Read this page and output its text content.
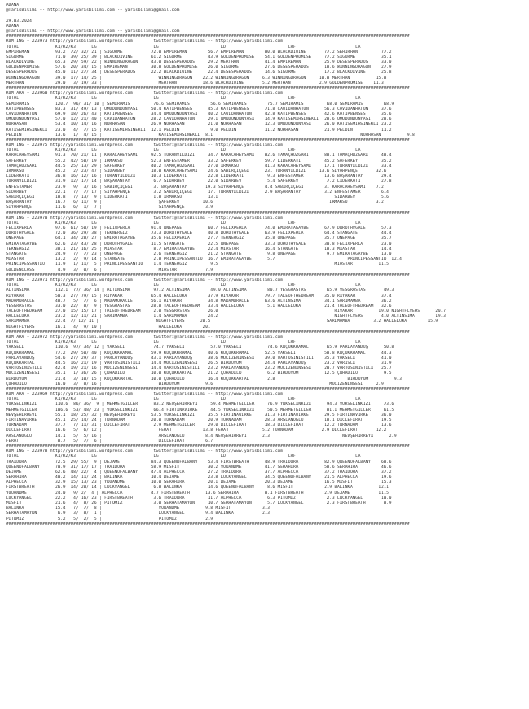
ADANA
@TarisBilimi -- http://www.yarisbilimi.com -- yarisbilimi@gmail.com
29.03.2024
ADANA
@TarisBilimi -- http://www.yarisbilimi.com -- yarisbilimi@gmail.com
############################################################################################################################################################
KUM ING - 223973 http://yarisbilimi.wordpress.com        twitter:@TarisBilimi -- http://www.yarisbilimi.com
TOTAL              K1/K2/K3      LG                      LG                        LD                        LRF                       LA
EMPIREMAN          93.2  72/ 32/ 21 | SIGURME           72.0 EMPIREMAN        56.7 EMPIREMAN        80.0 BLACKDIVINE       77.2 SEHIRHAN         77.2
SIGURME            71.0  39/ 25/ 39 | BLACKDIVINE       61.2 SIGURME          43.9 GOLDENPROMISE    54.1 GOLDENPROMISE     77.2 SIGURME          35.1
BLACKDIVINE        65.3  29/ 59/ 22 | WINNINGDRAGON     43.0 DESESPERADOS     29.2 MERTHAN          41.4 EMPIREMAN         25.9 DESESPERADOS     33.0
GOLDENPROMISE      57.6  20/ 34/ 15 | EMPIREMAN         30.8 GOLDENPROMISE    26.0 SIGURME          27.6 DESESPERADOS      18.6 WINNINGDRAGON    27.9
DESESPERADOS       45.0  11/ 27/ 34 | DESESPERADOS      22.2 BLACKDIVINE      22.4 DESESPERADOS     14.6 SIGURME           17.2 BLACKDIVINE      25.8
WINNINGDRAGON      39.0  17/ 14/ 25 |                      WINNINGDRAGON    22.2 WINNINGDRAGON     6.3 WINNINGDRAGON     10.8 MERTHAN          15.8
MERTHAN            29.0   3/ 19/ 33 |                      MERTHAN          18.6 BLACKDIVINE       5.2 MERTHAN           2.9 GOLDENPROMISE    11.3
############################################################################################################################################################
KUM ARA - 223960 http://yarisbilimi.wordpress.com        twitter:@TarisBilimi -- http://www.yarisbilimi.com
TOTAL              K1/K2/K3      LG                      LG                        LD                        LRF                       LA
SEMIRAMIS          120.7  96/ 31/ 10 | SEMIRAMIS         76.6 SEMIRAMIS        56.6 SEMIRAMIS        75.7 SEMIRAMIS         68.0 SEMIRAMIS        68.9
KATIPBENSES        83.3  31/ 49/ 13 | UMUDUNDUNYASI     50.4 KATIPBENSES      45.3 KATIPBENSES      71.8 CAVIDANHATUN      56.3 CAVIDANHATUN     37.6
CAVIDANHATUN       69.9  18/ 26/ 43 | KATIPBENSES       34.4 UMUDUNDUNYASI    40.2 CAVIDANHATUN     42.8 KATIPBENSES       42.6 KATIPBENSES      35.6
UMUDUNDUNYASI      57.0  12/ 21/ 40 | CAVIDANHATUN      28.2 CAVIDANHATUN     29.1 UMUDUNDUNYASI    14.9 KATISEMIHSINEKLI  28.6 UMUDUNDUNYASI    28.6
NURHASAN           53.4  10/ 14/ 16 | NURHASAN          26.9 NURHASAN         21.0 NURHASAN         12.3 UMUDUNDUNYASI     26.0 KATISEMIHSINEKLI 23.2
KATISEMIHSINEKLI   23.0   4/  7/ 15 | KATISEMIHSINEKLI  12.1 PELDIN            9.0 PELDIN           11.2 NURHASAN          21.9 PELDIN           11.2
PELDIN             13.6   1/  4/ 15 |                      KATISEMIHSINEKLI  8.1                                                         NURHASAN          9.8
############################################################################################################################################################
KUM ING - 223975 http://yarisbilimi.wordpress.com        twitter:@TarisBilimi -- http://www.yarisbilimi.com
TOTAL              K1/K2/K3      LG                      LG                        LD                        LRF                       LA
KARACAHEYSAMI      91.3  70/ 21/ 11 | KARACAHEYSAMI     92.5 TURANYILDIZI     34.7 KARACAHEYSAMI    82.6 TAMAÇHÜZGARI      88.1 TAMAÇHÜZGARI     48.4
SAFERKEY           55.2  42/ 50/ 19 | IRMAKSU           52.3 ENFESTAMER       33.2 SAFERKEY         59.7 LIDERKATI         45.2 SAFERKEY         35.2
TAMAÇHÜZGARI       44.5  25/ 13/ 29 | SAFERKEY          40.2 TAMAÇHÜZGARI     27.0 IRMAKSU          41.3 KARACAHEYSAMI     17.1 TURANYILDIZI     33.4
IRMAKSU            45.2   2/ 23/ 47 | SIDARBEY          18.0 KARACAHEYSAMI    24.6 SABIRÇIÇEĞI      23. TURANYILDIZI     13.6 SIYAHPENÇE       32.6
LIDERKATI          36.8  16/ 12/ 16 | TURANYILDIZI      10.3 LIDERKATI        22.8 LIDERKATI         9.3 ENFESTAMER        13.6 BAŞARANTAY       29.4
TURANYILDIZI       31.9  12/ 17/ 14 | BAŞARANTAY         6.7 SIDARBEY         22.0 SIDARBEY          5.4 SAFERKEY           7.2 LIDERKATI        27.8
ENFESTAMER         23.9   9/  3/ 16 | SABIRÇIÇEĞI        3. BAŞARANTAY       19.3 SIYAHPENÇE        4.4 SABIRÇIÇEĞI        3. KARACAHEYSAMI    7.2
SIDARBEY           22.1   7/  7/ 17 | SIYAHPENÇE         3.2 SABIRÇIÇEĞI      17. TURANYILDIZI      2.9 BAŞARANTAY         3.2 ENFESTAMER        6.4
SABIRÇIÇEĞI        18.8   7/ 13/  9 | LIDERKATI          1.8 IRMAKSU          13.1                                             SIDARBEY          5.6
BAŞARANTAY         16.7   6/ 11/  9 |                      ŞAFERKEY         10.6                                             IRMAKSU           3.2
SIYAHPENÇE         11.6   6/  1/  7 |                      SIYAHPENÇE        3.9
############################################################################################################################################################
KUM ING - 223970 http://yarisbilimi.wordpress.com        twitter:@TarisBilimi -- http://www.yarisbilimi.com
TOTAL              K1/K2/K3      LG                      LG                        LD                        LRF                       LA
FELIXPERLA         97.6  61/ 50/ 19 | FELIXPERLA        91.4 ONEPAGE          60.7 FELIXPERLA       74.0 EMIRATAGAYBE      67.9 DOROTHYGALE      57.3
DOROTHYGALE        72.0  36/ 29/ 38 | TEKNERGIZ         73.3 DOROTHYGALE      40.8 DOROTHYGALE      63.9 FELIXPERLA        64.4 STANGATE         44.4
ONEPAGE            64.1  34/ 28/ 27 | EMIRATAGAYBE      35.6 FELIXPERLA       27.7 TEKNERGIZ        35.8 ONEPAGE           35.7 ONEPAGE          35.7
EMIRATAGAYBE       62.6  23/ 43/ 28 | DOROTHYGALE       11.5 STANGATE         22.5 ONEPAGE          33.3 DOROTHYGALE       30.8 FELIXPERLA       23.0
TEKNERGIZ          38.1  21/ 16/ 25 | MIASTAR            8.7 EMIRATAGAYBE     22.4 MIASTAR          16.4 STANGATE          18.3 MIASTAR          14.4
STANGATE           24.9   7/  7/ 23 | ONEPAGE            2.6 TEKNERGIZ        21.2 STANGATE          9.8 ONEPAGE            9.7 EMIRATAGAYBE     13.0
MIASTAR            13.2   2/  9/ 14 | STANGATE           2.8 PRINCIPESSANTIO  16.7 EMIRATAGAYBE      5.7                            PRINCIPESSANTIO  12.4
PRINCIPESSANTIO    11.9   1/ 11/  5 | PRINCIPESSANTIO    1.4 TEKNERGIZ         9.5                                             MIASTAR          11.5
GOLDENCLASS         4.9   3/  0/  6 |                      MIASTAR           7.9
############################################################################################################################################################
KUM ING - 223971 http://yarisbilimi.wordpress.com        twitter:@TarisBilimi -- http://www.yarisbilimi.com
TOTAL              K1/K2/K3      LG                      LG                        LD                        LRF                       LA
ALTINSIMA          112.1  77/ 36/ 14 | ALTINSIMA         97.2 ALTINSIMA        49.0 ALTINSIMA        80.7 YESGRASTAS        65.9 YESGRASTAS       49.3
RIYAKAR            50.3  27/ 79/ 15 | RIYAKAR           65.4 HALLELUKA        37.9 RIYAKAR          79.7 TALEOFTHEDREAM    35.0 RIYAKAR          37.4
MADAMORACLE        48.7   5/  7/  6 | MADAMORACLE       56.1 RIYAKAR          34.8 MADAMORACLE      63.6 ALTINSIMA         34.1 SARIMAMBA        36.2
YESGRASTAS         33.0  22/  8/  9 | YESGRASTAS        28.8 TALEOFTHEDREAM   33.4 HALLELUKA         5.1 HALLELUKA         21.4 TALEOFTHEDREAM   32.6
TALEOFTHEDREAM     27.0  15/ 15/ 17 | TALEOFTHEDREAM     2.0 YESGRASTAS       26.0                                             RIYAKAR          19.0 NIGHTFLYERS      20.7
HALLELUKA          23.2  12/ 11/ 21 | SARIMAMBA          1.4 SARIMAMBA        24.2                                             NIGHTFLYERS       4.0 ALTINSIMA        19.3
SARIMAMBA          22.4  7/ 12/ 11 |                      NIGHTFLYERS      20.5                                             SARIMAMBA         3.2 HALLELUKA        15.9
NIGHTFLYERS        16.1   4/  9/ 10 |                      HALLELUKA        20.
############################################################################################################################################################
KUM ARA - 223972 http://yarisbilimi.wordpress.com        twitter:@TarisBilimi -- http://www.yarisbilimi.com
TOTAL              K1/K2/K3      LG                      LG                        LD                        LRF                       LA
YAKSELI            110.6  97/ 34/ 12 | YAKSELI           74.7 YAKSELI          57.0 YAKSELI          74.6 KÜÇÜKKRAMAL       65.9 PARLAYANDÜŞ      50.8
KÜÇÜKKRAMAL        77.2  29/ 50/ 40 | KÜÇÜKKRAMAL       59.9 KÜÇÜKKRAMAL      40.6 KÜÇÜKKRAMAL      52.5 YAKSELI           58.8 KÜÇÜKKRAMAL      44.3
PARLAYANDÜŞ        54.6  27/ 29/ 37 | PARLAYANDÜŞ       43.1 PARLAYANDÜŞ      38.6 MUCIZENINSESI    39.0 VARTOSINISTILI    35.3 YAKSELI          41.0
KÜÇÜKKARTAL        44.5  16/ 21/ 19 | VARTOSINISTILI    14.4 MUCIZENINSESI    26.5 BIRDUYUM         24.4 PARLAYANDÜŞ       23.2 VARISLI          31.9
VARTOSINISTILI     42.4  19/ 21/ 16 | MUCIZENINSESI     14.4 VARTOSINISTILI   23.2 PARLAYANDÜŞ      23.2 MUCIZENINSESI     20.7 VARTOSINISTILI   25.7
MUCIZENINSESI      35.1   1/ 36/ 26 | ÇUHADILO          10.0 KÜÇÜKKARTAL      21.2 ÇUHADILO          6.2 BIRDUYUM          12.5 ÇUHADILO          9.5
BIRDUYUM           21.4   3/ 10/ 15 | KÜÇÜKKARTAL       10.0 ÇUHADILO         16.4 KÜÇÜKKARTAL       2.8                            BIRDUYUM          9.3
ÇUHADILO           16.0   3/  8/ 16 |                      BIRDUYUM          9.6                                             MUCIZENINSESI     2.9
############################################################################################################################################################
KUM ARA - 223969 http://yarisbilimi.wordpress.com        twitter:@TarisBilimi -- http://www.yarisbilimi.com
TOTAL              K1/K2/K3      LG                      LG                        LD                        LRF                       LA
YÜKSELINKIZI       110.6  86/ 36/  9 | MEHMETGILLER      83.2 NEVŞEHIRREYI     59.4 MEHMETGILLER     76.9 YÜKSELINKIZI      94.3 YÜKSELINKIZI     73.6
MEHMETGILLER       106.6  53/ 48/ 23 | YÜKSELINKIZI      66.4 FIRTINAVIRKE     44.5 YÜKSELINKIZI     50.5 MEHMETGILLER      81.1 MEHMETGILLER     61.5
NEVŞEHIRREYI       55.1  18/ 25/ 32 | NEVŞEHIRREYI      53.5 YÜKSELINKIZI     35.5 FIRTINAVIRKE     31.3 FIRTINAVIRKE      29.5 FIRTINAVIRKE     36.0
FIRTINAVIRKE       45.1  25/ 14/ 24 | TURNADAM          20.0 TURNADAM         20.9 TURNADAM         28.3 ARSLANOĞLU        18.1 DICLEFIRAT       19.5
TURNADAM           37.7   7/ 11/ 31 | DICLEFIRAT         2.9 MEHMETGILLER     29.0 DICLEFIRAT       18.3 DICLEFIRAT        12.2 TURNADAM         13.6
DICLEFIRAT         16.6   5/  6/ 12 |                      FERAT            13.8 FERAT             5.2 TURNADAM           2.9 DICLEFIRAT       12.2
ARSLANOĞLU         14.1   5/  5/ 16 |                      ARSLANOĞLU        8.4 NEVŞEHIRREYI      2.3                            NEVŞEHIRREYI      2.9
FERAT               8.7   5/  7/  6 |                      DICLEFIRAT        6.7
############################################################################################################################################################
KUM ING - 223978 http://yarisbilimi.wordpress.com        twitter:@TarisBilimi -- http://www.yarisbilimi.com
TOTAL              K1/K2/K3      LG                      LG                        LD                        LRF                       LA
TRAIDORA           72.5  29/ 55/  9 | DEJAME            84.3 QUEENOFALBANY    53.4 FIRSTBREATH      48.9 TRAIDORA          82.9 QUEENOFALBANY    68.6
QUEENOFALBANY      70.9  31/ 17/ 17 | TRAIDORA          58.9 MISFIT           30.2 YOUANDME         41.7 SERAHIRA          58.6 SERAHIRA         46.6
DEJAME             62.6  48/ 22/  4 | QUEENOFALBANY     47.4 ALPHECCA         27.2 TRAIDORA         37.7 ALPHECCA          37.2 TRAIDORA         37.2
SERAHIRA           40.2  14/ 11/ 24 | BALINKA           10.4 DEJAME           23.8 LUCKYANGEL       34.5 QUEENOFALBANY     21.5 ALPHECCA         19.6
ALPHECCA           32.9  15/ 13/ 23 | YOUANDME          10.0 SERAHIRA         20.1 DEJAME           20.3 DEJAME            16.5 MISFIT           15.3
FIRSTBREATH        26.9  14/ 20/ 14 | LUCKYANGEL         6.8 BALINKA          14.6 QUEENOFALBANY     8.6 MISFIT            2.9 BALINKA          12.1
YOUANDME           24.0   9/ 2/  4 | ALPHECCA           4.7 FIRSTBREATH      13.6 SERAHIRA          8.1 FIRSTBREATH        2.9 DEJAME           11.5
LUCKYANGEL         22.2   4/ 16/ 23 | FIRSTBREATH        3.6 TRAIDORA         11.7 ALPHECCA          6.3 PITOMIZ            2.3 LUCKYANGEL       10.0
MISFIT             21.6   4/  8/ 26 | PITOMIZ            3.0 SERHATAMAYON     10.7 SERHATAMAYON      5.7 LUCKYANGEL         2.3 FIRSTBREATH       8.9
BALINKA            15.4   7/  7/  8 |                      YOUANDME          9.8 MISFIT            3.3
SERHATAMAYON        6.9   3/  8/  1 |                      LUCKYANGEL        9.4 BALINKA           2.3
PITOMIZ             5.2   5/  2/  5 |                      PITOMIZ           2.9
############################################################################################################################################################
